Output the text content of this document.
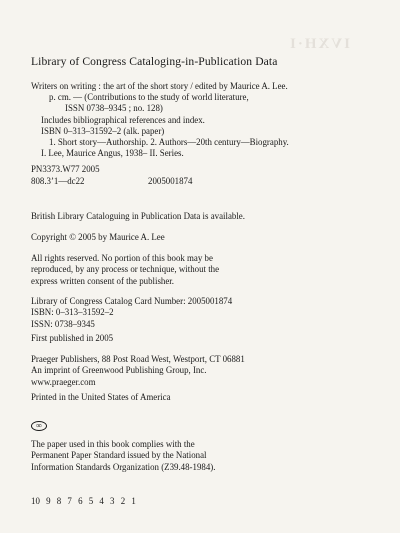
IVXH·I
Library of Congress Cataloging-in-Publication Data
Writers on writing : the art of the short story / edited by Maurice A. Lee.
p. cm. — (Contributions to the study of world literature,
ISSN 0738–9345 ; no. 128)
Includes bibliographical references and index.
ISBN 0–313–31592–2 (alk. paper)
1. Short story—Authorship. 2. Authors—20th century—Biography.
I. Lee, Maurice Angus, 1938– II. Series.
PN3373.W77 2005
808.3’1—dc22	2005001874
British Library Cataloguing in Publication Data is available.
Copyright © 2005 by Maurice A. Lee
All rights reserved. No portion of this book may be
reproduced, by any process or technique, without the
express written consent of the publisher.
Library of Congress Catalog Card Number: 2005001874
ISBN: 0–313–31592–2
ISSN: 0738–9345
First published in 2005
Praeger Publishers, 88 Post Road West, Westport, CT 06881
An imprint of Greenwood Publishing Group, Inc.
www.praeger.com
Printed in the United States of America
∞
The paper used in this book complies with the
Permanent Paper Standard issued by the National
Information Standards Organization (Z39.48-1984).
10 9 8 7 6 5 4 3 2 1
